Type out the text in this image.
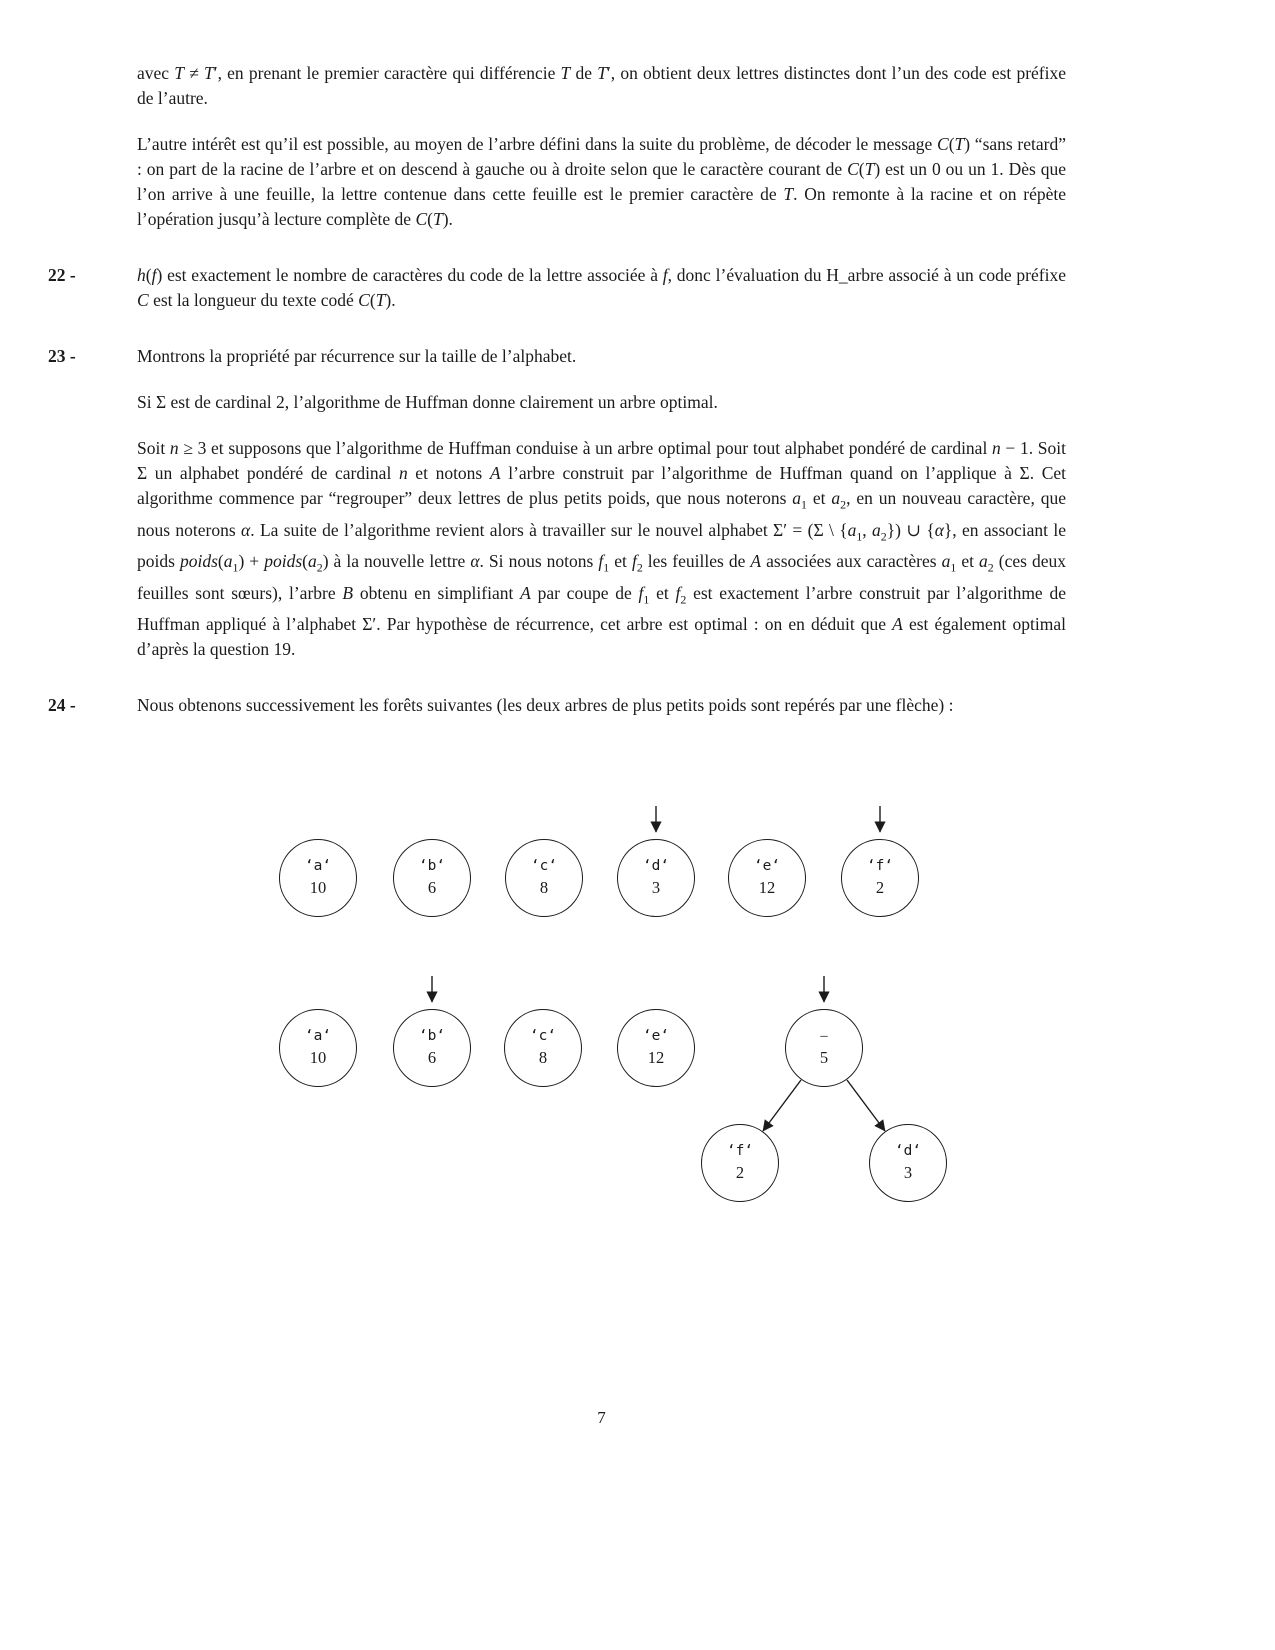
avec T ≠ T′, en prenant le premier caractère qui différencie T de T′, on obtient deux lettres distinctes dont l’un des code est préfixe de l’autre.

L’autre intérêt est qu’il est possible, au moyen de l’arbre défini dans la suite du problème, de décoder le message C(T) “sans retard” : on part de la racine de l’arbre et on descend à gauche ou à droite selon que le caractère courant de C(T) est un 0 ou un 1. Dès que l’on arrive à une feuille, la lettre contenue dans cette feuille est le premier caractère de T. On remonte à la racine et on répète l’opération jusqu’à lecture complète de C(T).

22 -	h(f) est exactement le nombre de caractères du code de la lettre associée à f, donc l’évaluation du H_arbre associé à un code préfixe C est la longueur du texte codé C(T).

23 -	Montrons la propriété par récurrence sur la taille de l’alphabet.

Si Σ est de cardinal 2, l’algorithme de Huffman donne clairement un arbre optimal.

Soit n ≥ 3 et supposons que l’algorithme de Huffman conduise à un arbre optimal pour tout alphabet pondéré de cardinal n − 1. Soit Σ un alphabet pondéré de cardinal n et notons A l’arbre construit par l’algorithme de Huffman quand on l’applique à Σ. Cet algorithme commence par “regrouper” deux lettres de plus petits poids, que nous noterons $a_1$ et $a_2$, en un nouveau caractère, que nous noterons α. La suite de l’algorithme revient alors à travailler sur le nouvel alphabet Σ′ = (Σ \ {$a_1$, $a_2$}) ∪ {α}, en associant le poids $poids(a_1)$ + $poids(a_2)$ à la nouvelle lettre α. Si nous notons $f_1$ et $f_2$ les feuilles de A associées aux caractères $a_1$ et $a_2$ (ces deux feuilles sont sœurs), l’arbre B obtenu en simplifiant A par coupe de $f_1$ et $f_2$ est exactement l’arbre construit par l’algorithme de Huffman appliqué à l’alphabet Σ′. Par hypothèse de récurrence, cet arbre est optimal : on en déduit que A est également optimal d’après la question 19.

24 -	Nous obtenons successivement les forêts suivantes (les deux arbres de plus petits poids sont repérés par une flèche) :

‘a‘
10
‘b‘
6
‘c‘
8
‘d‘
3
‘e‘
12
‘f‘
2
‘a‘
10
‘b‘
6
‘c‘
8
‘e‘
12
–
5
‘f‘
2
‘d‘
3
7
